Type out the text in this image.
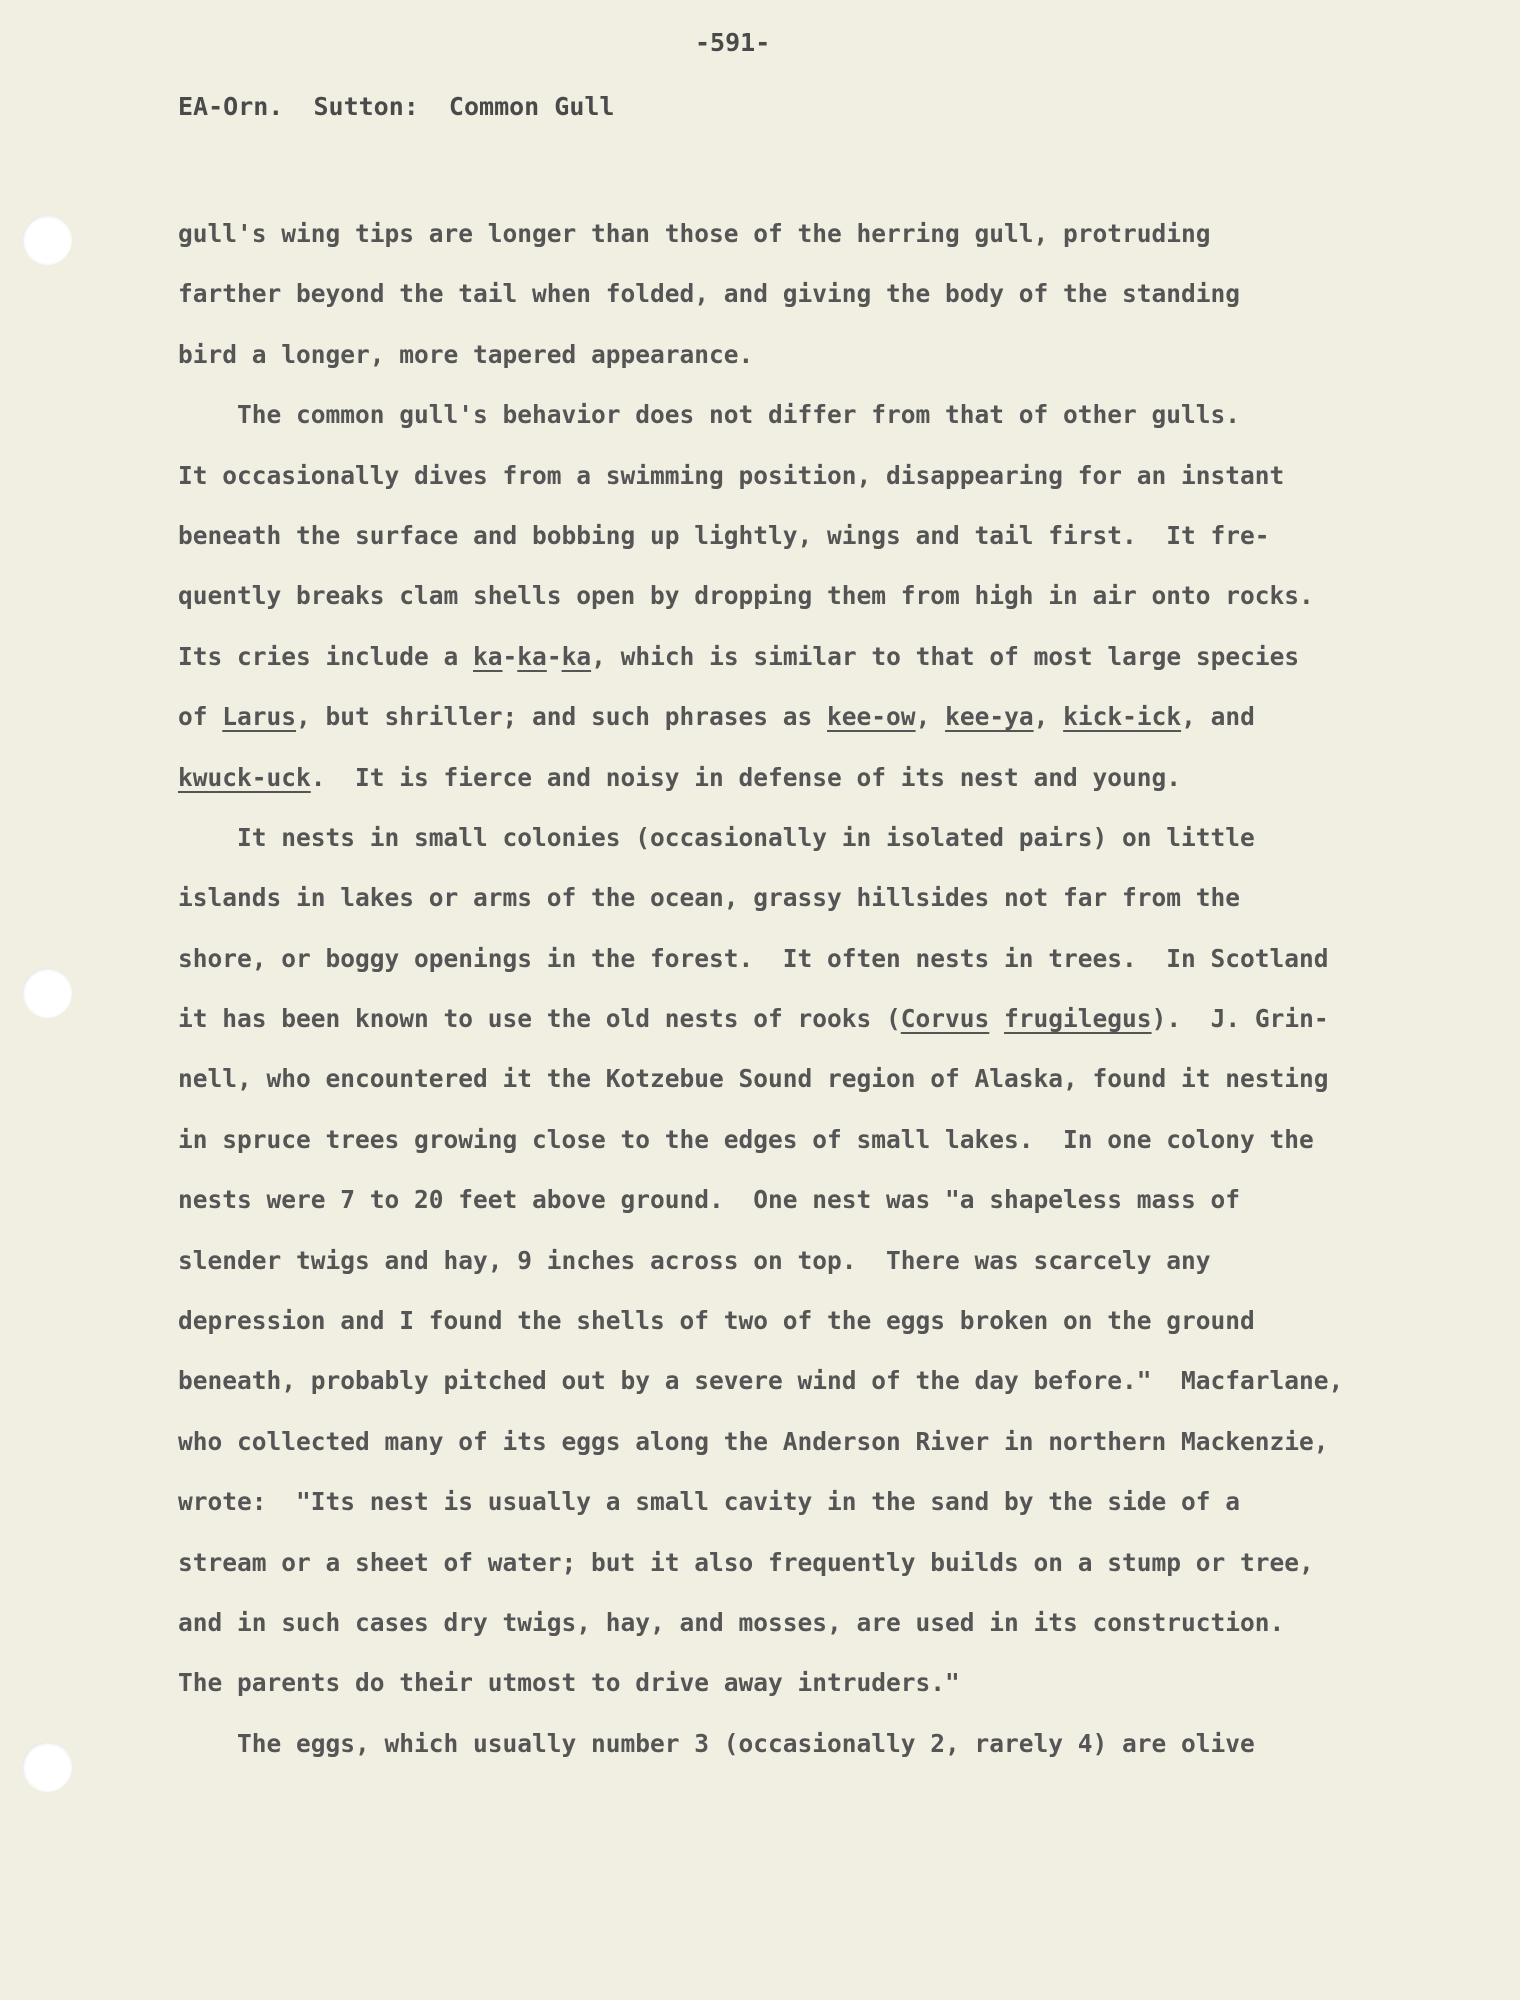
-591-
EA-Orn.  Sutton:  Common Gull
gull's wing tips are longer than those of the herring gull, protruding
farther beyond the tail when folded, and giving the body of the standing
bird a longer, more tapered appearance.
The common gull's behavior does not differ from that of other gulls.
It occasionally dives from a swimming position, disappearing for an instant
beneath the surface and bobbing up lightly, wings and tail first.  It fre-
quently breaks clam shells open by dropping them from high in air onto rocks.
Its cries include a ka-ka-ka, which is similar to that of most large species
of Larus, but shriller; and such phrases as kee-ow, kee-ya, kick-ick, and
kwuck-uck.  It is fierce and noisy in defense of its nest and young.
It nests in small colonies (occasionally in isolated pairs) on little
islands in lakes or arms of the ocean, grassy hillsides not far from the
shore, or boggy openings in the forest.  It often nests in trees.  In Scotland
it has been known to use the old nests of rooks (Corvus frugilegus).  J. Grin-
nell, who encountered it the Kotzebue Sound region of Alaska, found it nesting
in spruce trees growing close to the edges of small lakes.  In one colony the
nests were 7 to 20 feet above ground.  One nest was "a shapeless mass of
slender twigs and hay, 9 inches across on top.  There was scarcely any
depression and I found the shells of two of the eggs broken on the ground
beneath, probably pitched out by a severe wind of the day before."  Macfarlane,
who collected many of its eggs along the Anderson River in northern Mackenzie,
wrote:  "Its nest is usually a small cavity in the sand by the side of a
stream or a sheet of water; but it also frequently builds on a stump or tree,
and in such cases dry twigs, hay, and mosses, are used in its construction.
The parents do their utmost to drive away intruders."
The eggs, which usually number 3 (occasionally 2, rarely 4) are olive
